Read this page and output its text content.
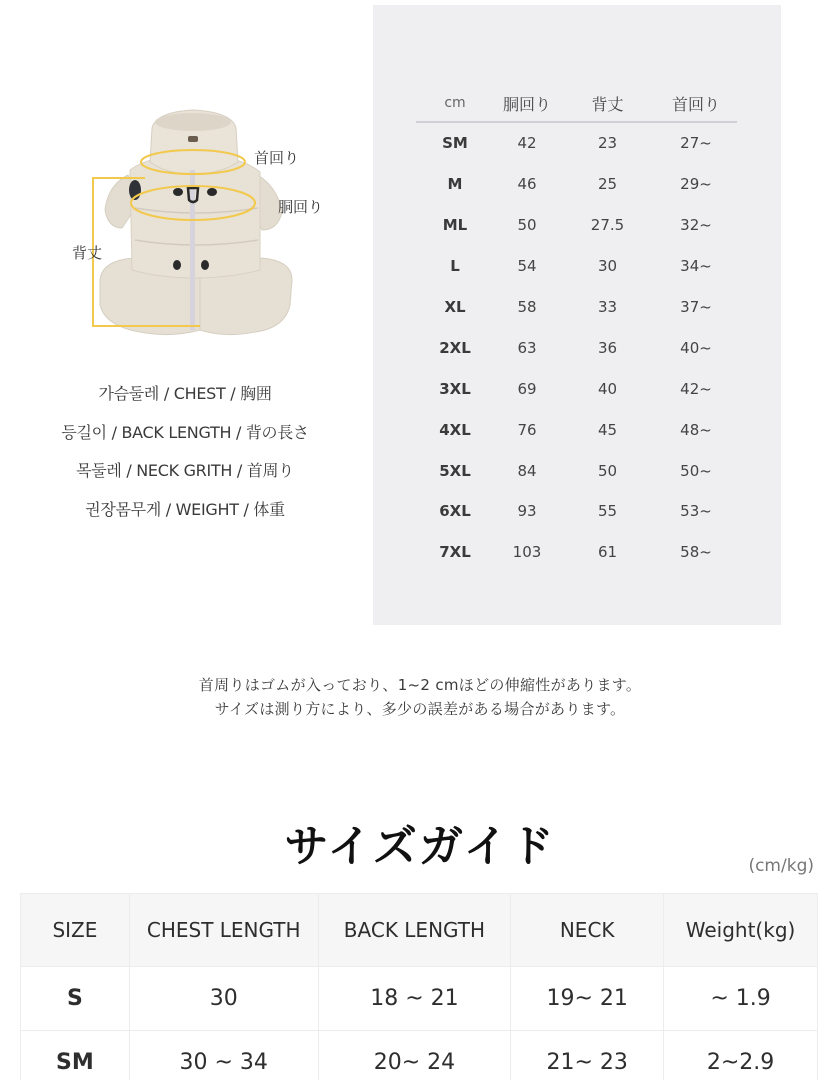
首回り
胴回り
背丈
가슴둘레 / CHEST / 胸囲
등길이 / BACK LENGTH / 背の長さ
목둘레 / NECK GRITH / 首周り
권장몸무게 / WEIGHT / 体重
cm	胴回り	背丈	首回り
SM	42	23	27~
M	46	25	29~
ML	50	27.5	32~
L	54	30	34~
XL	58	33	37~
2XL	63	36	40~
3XL	69	40	42~
4XL	76	45	48~
5XL	84	50	50~
6XL	93	55	53~
7XL	103	61	58~
首周りはゴムが入っており、1~2 cmほどの伸縮性があります。
サイズは測り方により、多少の誤差がある場合があります。
サイズガイド	(cm/kg)
SIZE	CHEST LENGTH	BACK LENGTH	NECK	Weight(kg)
S	30	18 ~ 21	19~ 21	~ 1.9
SM	30 ~ 34	20~ 24	21~ 23	2~2.9
